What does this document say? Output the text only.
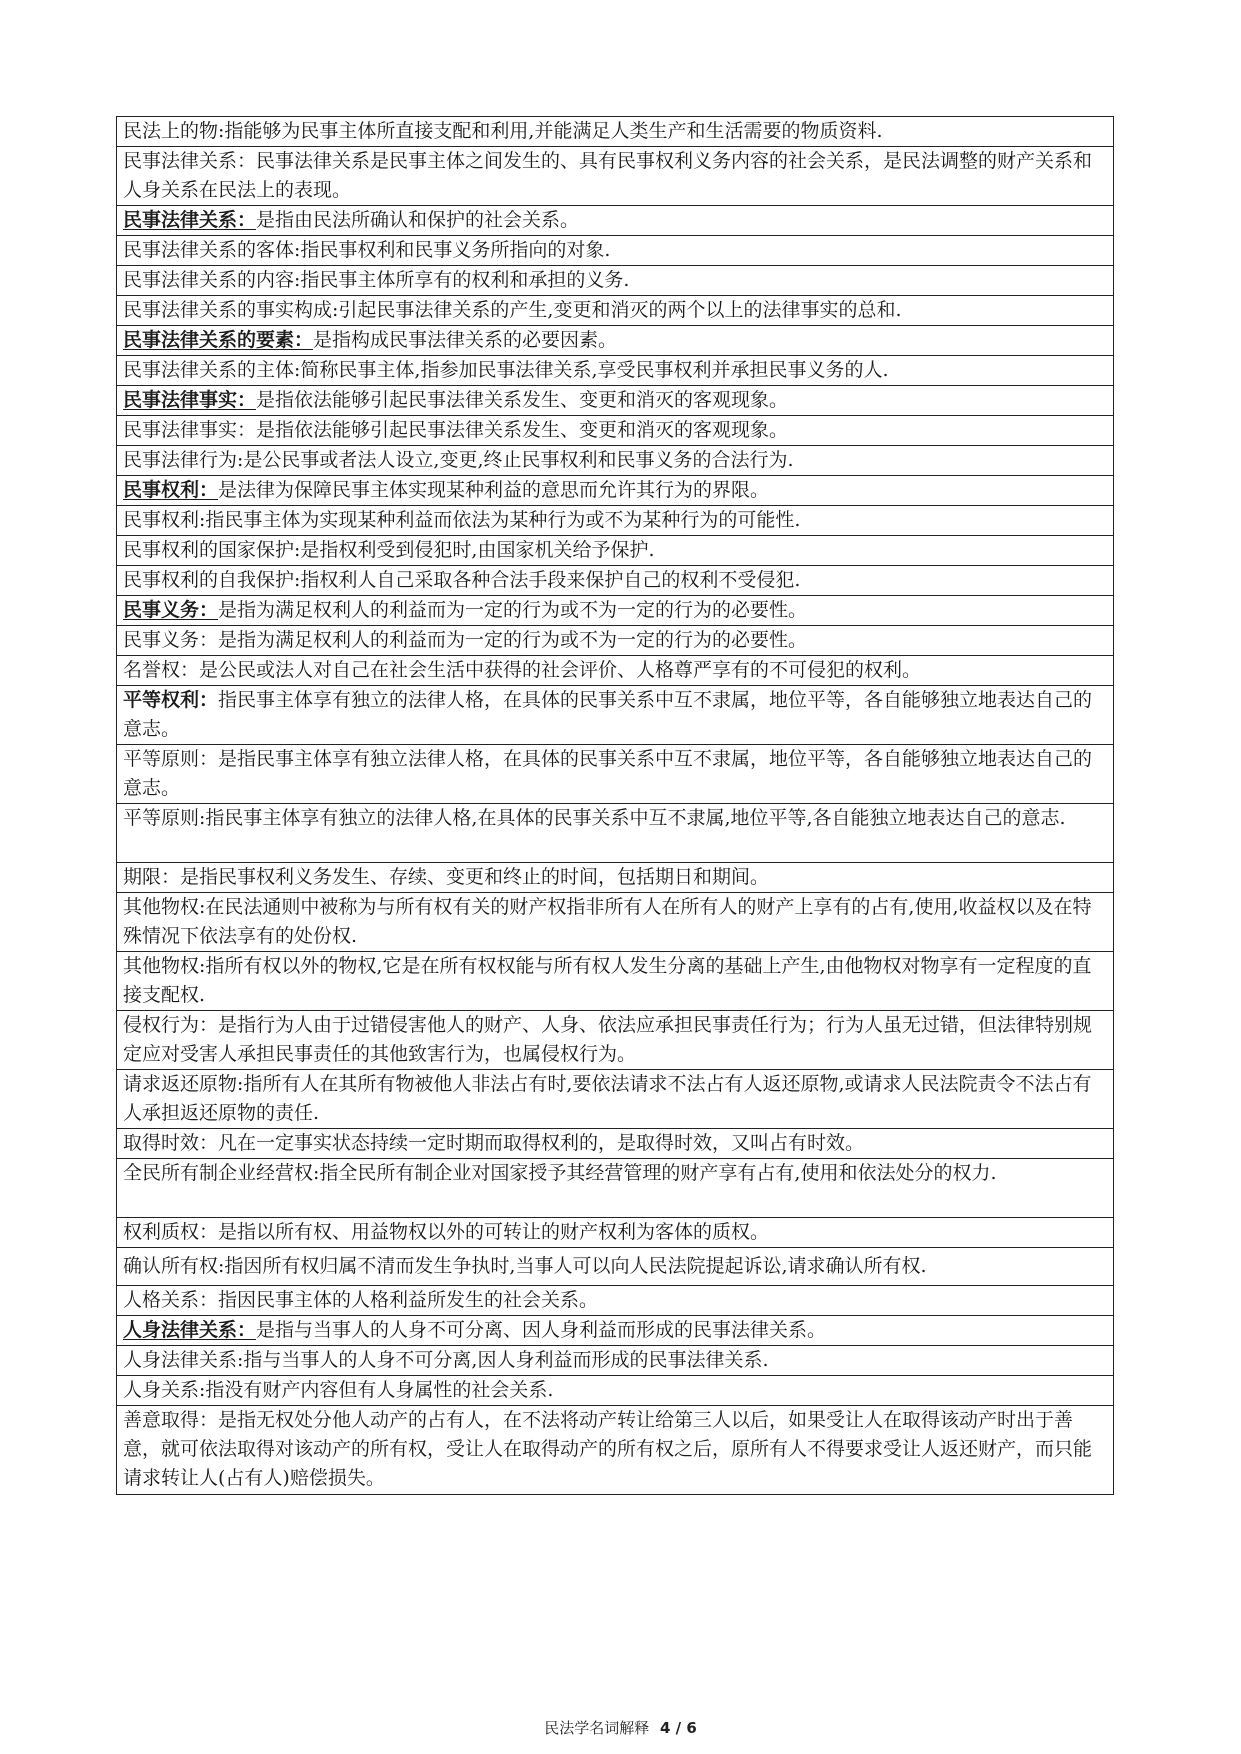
民法上的物:指能够为民事主体所直接支配和利用,并能满足人类生产和生活需要的物质资料.
民事法律关系：民事法律关系是民事主体之间发生的、具有民事权利义务内容的社会关系，是民法调整的财产关系和人身关系在民法上的表现。
民事法律关系：是指由民法所确认和保护的社会关系。
民事法律关系的客体:指民事权利和民事义务所指向的对象.
民事法律关系的内容:指民事主体所享有的权利和承担的义务.
民事法律关系的事实构成:引起民事法律关系的产生,变更和消灭的两个以上的法律事实的总和.
民事法律关系的要素：是指构成民事法律关系的必要因素。
民事法律关系的主体:简称民事主体,指参加民事法律关系,享受民事权利并承担民事义务的人.
民事法律事实：是指依法能够引起民事法律关系发生、变更和消灭的客观现象。
民事法律事实：是指依法能够引起民事法律关系发生、变更和消灭的客观现象。
民事法律行为:是公民事或者法人设立,变更,终止民事权利和民事义务的合法行为.
民事权利：是法律为保障民事主体实现某种利益的意思而允许其行为的界限。
民事权利:指民事主体为实现某种利益而依法为某种行为或不为某种行为的可能性.
民事权利的国家保护:是指权利受到侵犯时,由国家机关给予保护.
民事权利的自我保护:指权利人自己采取各种合法手段来保护自己的权利不受侵犯.
民事义务：是指为满足权利人的利益而为一定的行为或不为一定的行为的必要性。
民事义务：是指为满足权利人的利益而为一定的行为或不为一定的行为的必要性。
名誉权：是公民或法人对自己在社会生活中获得的社会评价、人格尊严享有的不可侵犯的权利。
平等权利：指民事主体享有独立的法律人格，在具体的民事关系中互不隶属，地位平等，各自能够独立地表达自己的意志。
平等原则：是指民事主体享有独立法律人格，在具体的民事关系中互不隶属，地位平等，各自能够独立地表达自己的意志。
平等原则:指民事主体享有独立的法律人格,在具体的民事关系中互不隶属,地位平等,各自能独立地表达自己的意志.
期限：是指民事权利义务发生、存续、变更和终止的时间，包括期日和期间。
其他物权:在民法通则中被称为与所有权有关的财产权指非所有人在所有人的财产上享有的占有,使用,收益权以及在特殊情况下依法享有的处份权.
其他物权:指所有权以外的物权,它是在所有权权能与所有权人发生分离的基础上产生,由他物权对物享有一定程度的直接支配权.
侵权行为：是指行为人由于过错侵害他人的财产、人身、依法应承担民事责任行为；行为人虽无过错，但法律特别规定应对受害人承担民事责任的其他致害行为，也属侵权行为。
请求返还原物:指所有人在其所有物被他人非法占有时,要依法请求不法占有人返还原物,或请求人民法院责令不法占有人承担返还原物的责任.
取得时效：凡在一定事实状态持续一定时期而取得权利的，是取得时效，又叫占有时效。
全民所有制企业经营权:指全民所有制企业对国家授予其经营管理的财产享有占有,使用和依法处分的权力.
权利质权：是指以所有权、用益物权以外的可转让的财产权利为客体的质权。
确认所有权:指因所有权归属不清而发生争执时,当事人可以向人民法院提起诉讼,请求确认所有权.
人格关系：指因民事主体的人格利益所发生的社会关系。
人身法律关系：是指与当事人的人身不可分离、因人身利益而形成的民事法律关系。
人身法律关系:指与当事人的人身不可分离,因人身利益而形成的民事法律关系.
人身关系:指没有财产内容但有人身属性的社会关系.
善意取得：是指无权处分他人动产的占有人，在不法将动产转让给第三人以后，如果受让人在取得该动产时出于善意，就可依法取得对该动产的所有权，受让人在取得动产的所有权之后，原所有人不得要求受让人返还财产，而只能请求转让人(占有人)赔偿损失。
民法学名词解释 4 / 6
